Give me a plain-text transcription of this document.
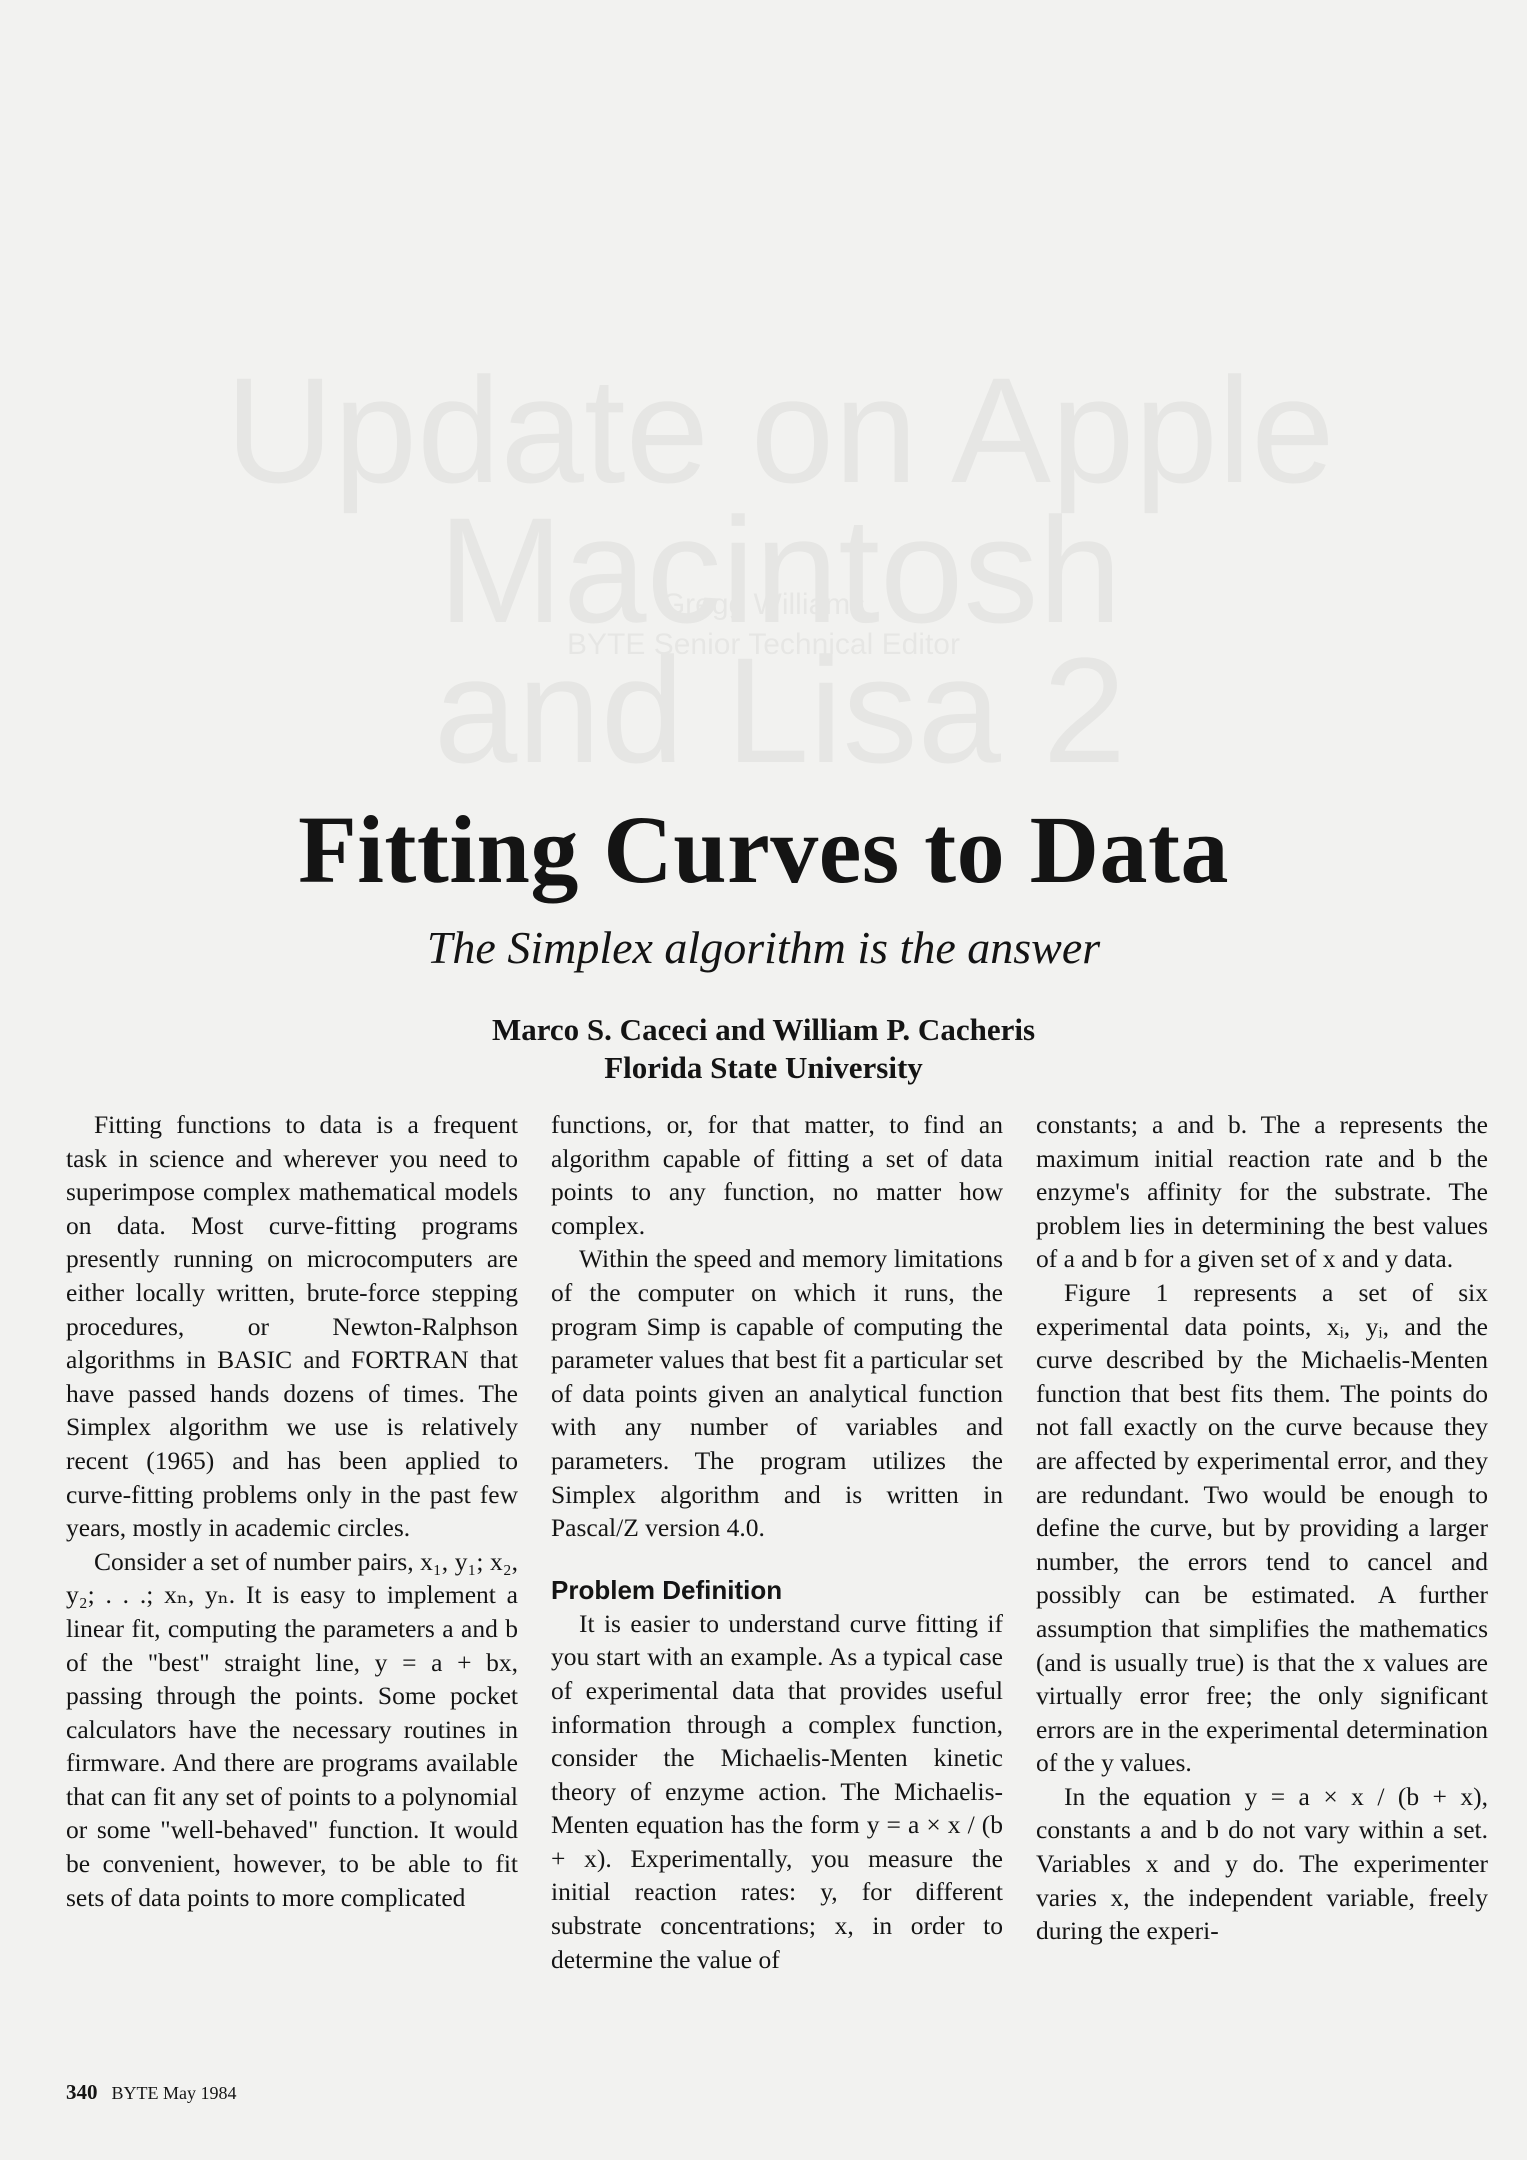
Fitting Curves to Data
The Simplex algorithm is the answer
Marco S. Caceci and William P. Cacheris
Florida State University

Fitting functions to data is a frequent task in science and wherever you need to superimpose complex mathematical models on data. Most curve-fitting programs presently running on microcomputers are either locally written, brute-force stepping procedures, or Newton-Ralphson algorithms in BASIC and FORTRAN that have passed hands dozens of times. The Simplex algorithm we use is relatively recent (1965) and has been applied to curve-fitting problems only in the past few years, mostly in academic circles.

Consider a set of number pairs, x₁, y₁; x₂, y₂; . . .; xₙ, yₙ. It is easy to implement a linear fit, computing the parameters a and b of the "best" straight line, y = a + bx, passing through the points. Some pocket calculators have the necessary routines in firmware. And there are programs available that can fit any set of points to a polynomial or some "well-behaved" function. It would be convenient, however, to be able to fit sets of data points to more complicated

functions, or, for that matter, to find an algorithm capable of fitting a set of data points to any function, no matter how complex.

Within the speed and memory limitations of the computer on which it runs, the program Simp is capable of computing the parameter values that best fit a particular set of data points given an analytical function with any number of variables and parameters. The program utilizes the Simplex algorithm and is written in Pascal/Z version 4.0.

Problem Definition

It is easier to understand curve fitting if you start with an example. As a typical case of experimental data that provides useful information through a complex function, consider the Michaelis-Menten kinetic theory of enzyme action. The Michaelis-Menten equation has the form y = a × x / (b + x). Experimentally, you measure the initial reaction rates: y, for different substrate concentrations; x, in order to determine the value of

constants; a and b. The a represents the maximum initial reaction rate and b the enzyme's affinity for the substrate. The problem lies in determining the best values of a and b for a given set of x and y data.

Figure 1 represents a set of six experimental data points, xᵢ, yᵢ, and the curve described by the Michaelis-Menten function that best fits them. The points do not fall exactly on the curve because they are affected by experimental error, and they are redundant. Two would be enough to define the curve, but by providing a larger number, the errors tend to cancel and possibly can be estimated. A further assumption that simplifies the mathematics (and is usually true) is that the x values are virtually error free; the only significant errors are in the experimental determination of the y values.

In the equation y = a × x / (b + x), constants a and b do not vary within a set. Variables x and y do. The experimenter varies x, the independent variable, freely during the experi-

340 BYTE May 1984
